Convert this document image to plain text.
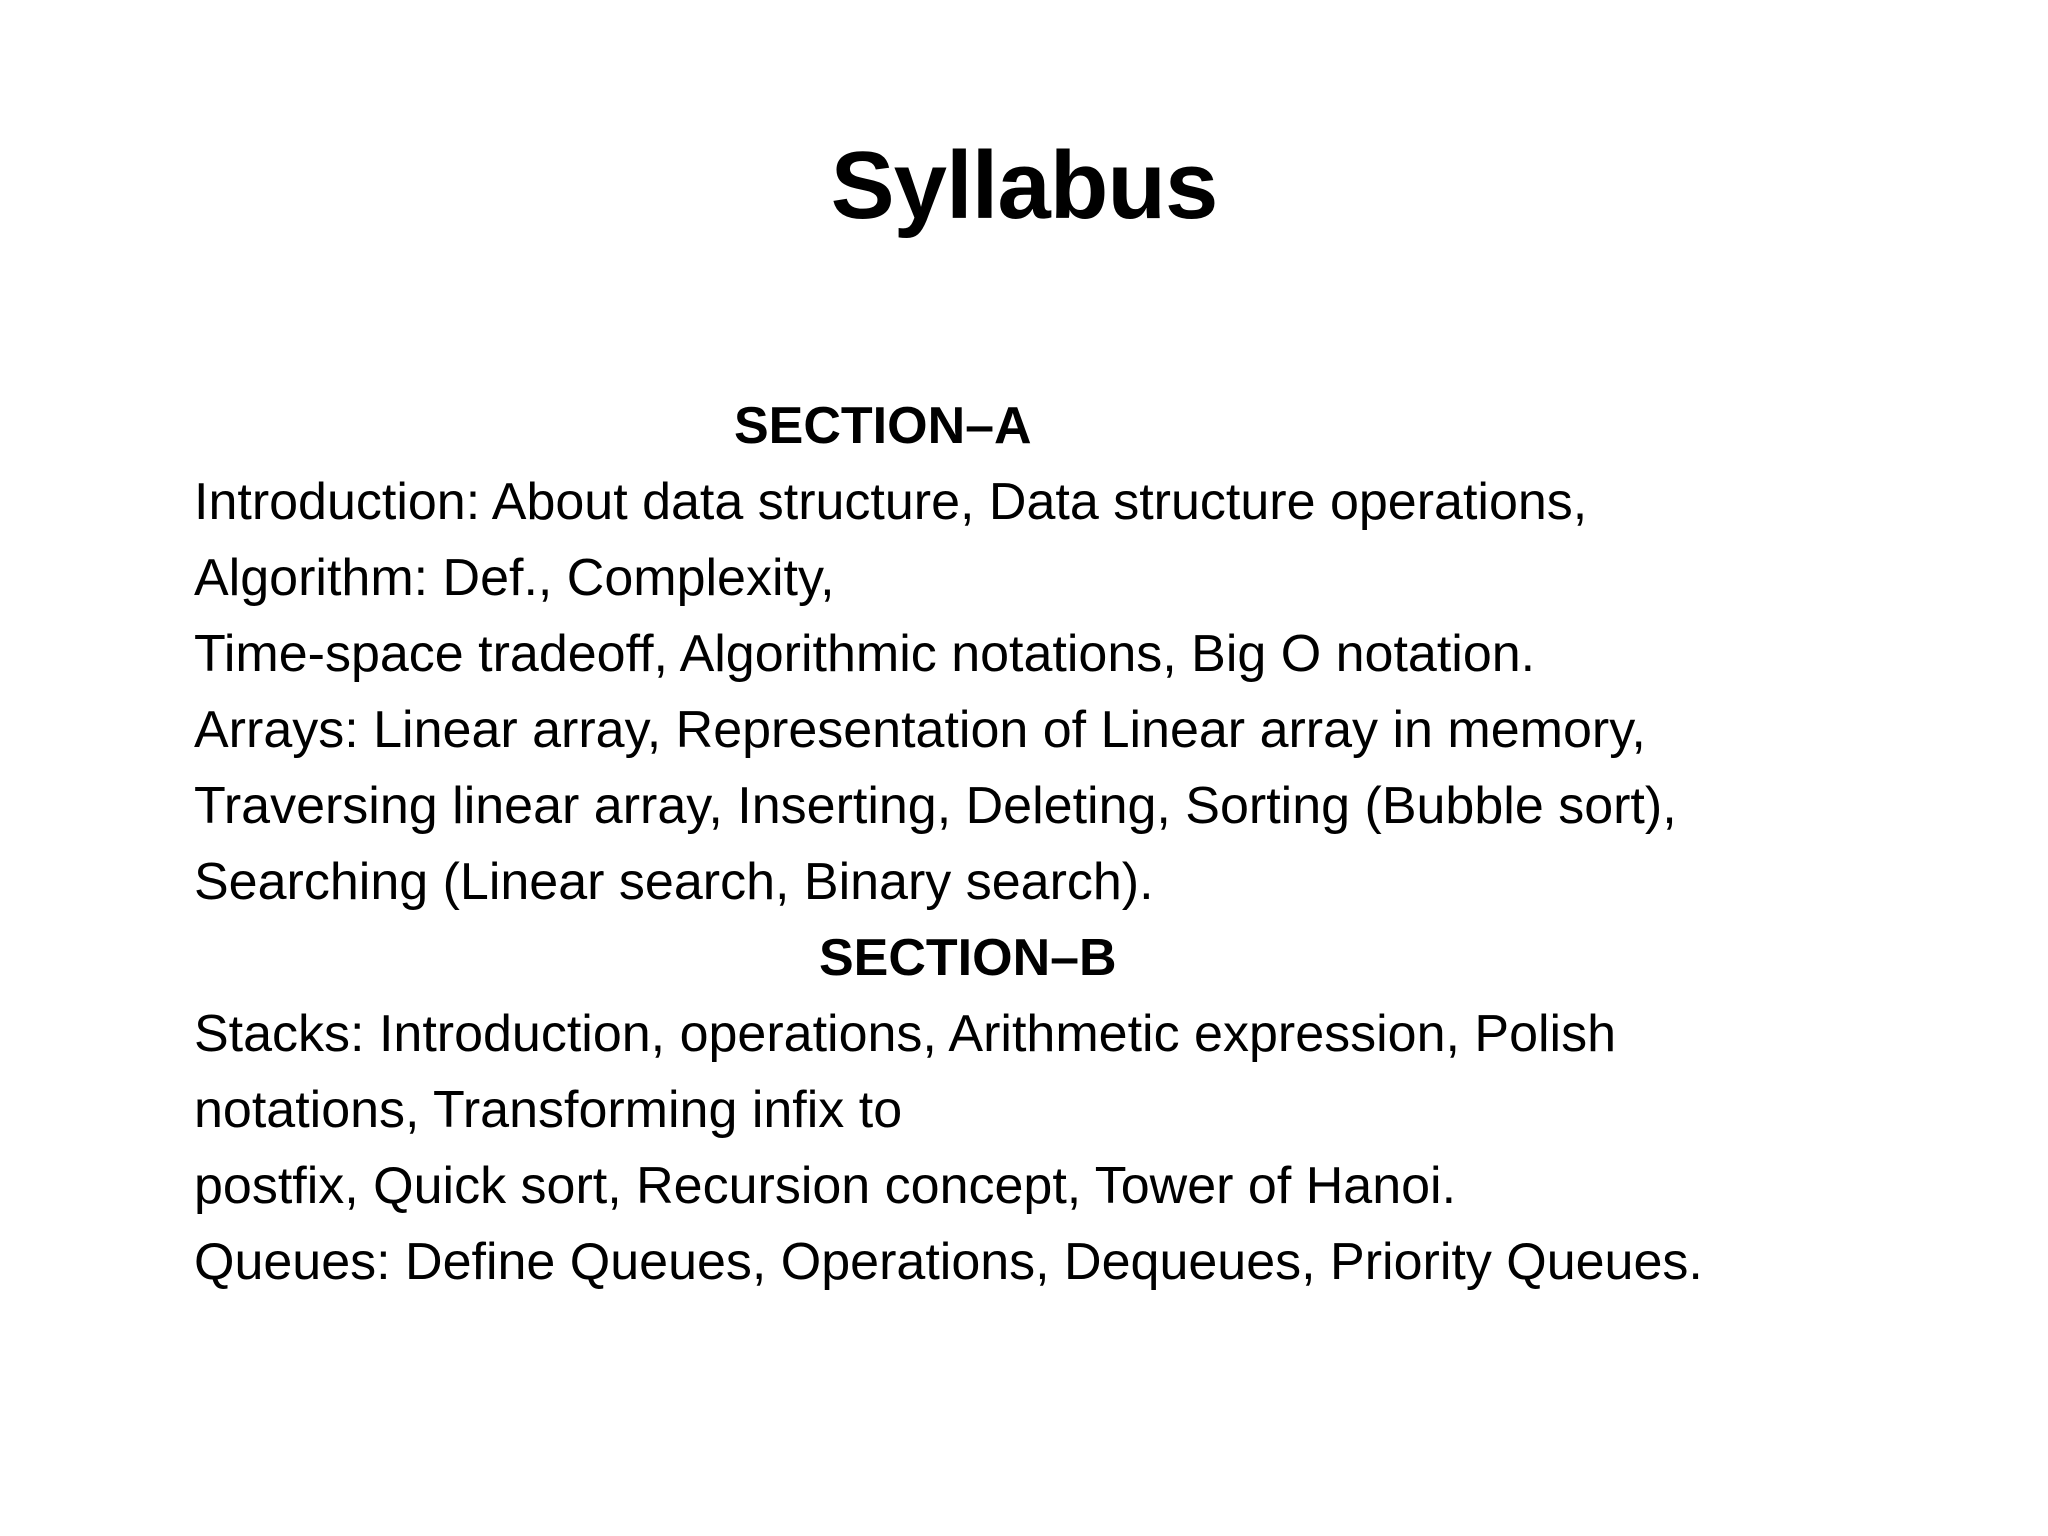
Syllabus
SECTION–A
Introduction: About data structure, Data structure operations,
Algorithm: Def., Complexity,
Time-space tradeoff, Algorithmic notations, Big O notation.
Arrays: Linear array, Representation of Linear array in memory,
Traversing linear array, Inserting, Deleting, Sorting (Bubble sort),
Searching (Linear search, Binary search).
SECTION–B
Stacks: Introduction, operations, Arithmetic expression, Polish
notations, Transforming infix to
postfix, Quick sort, Recursion concept, Tower of Hanoi.
Queues: Define Queues, Operations, Dequeues, Priority Queues.
